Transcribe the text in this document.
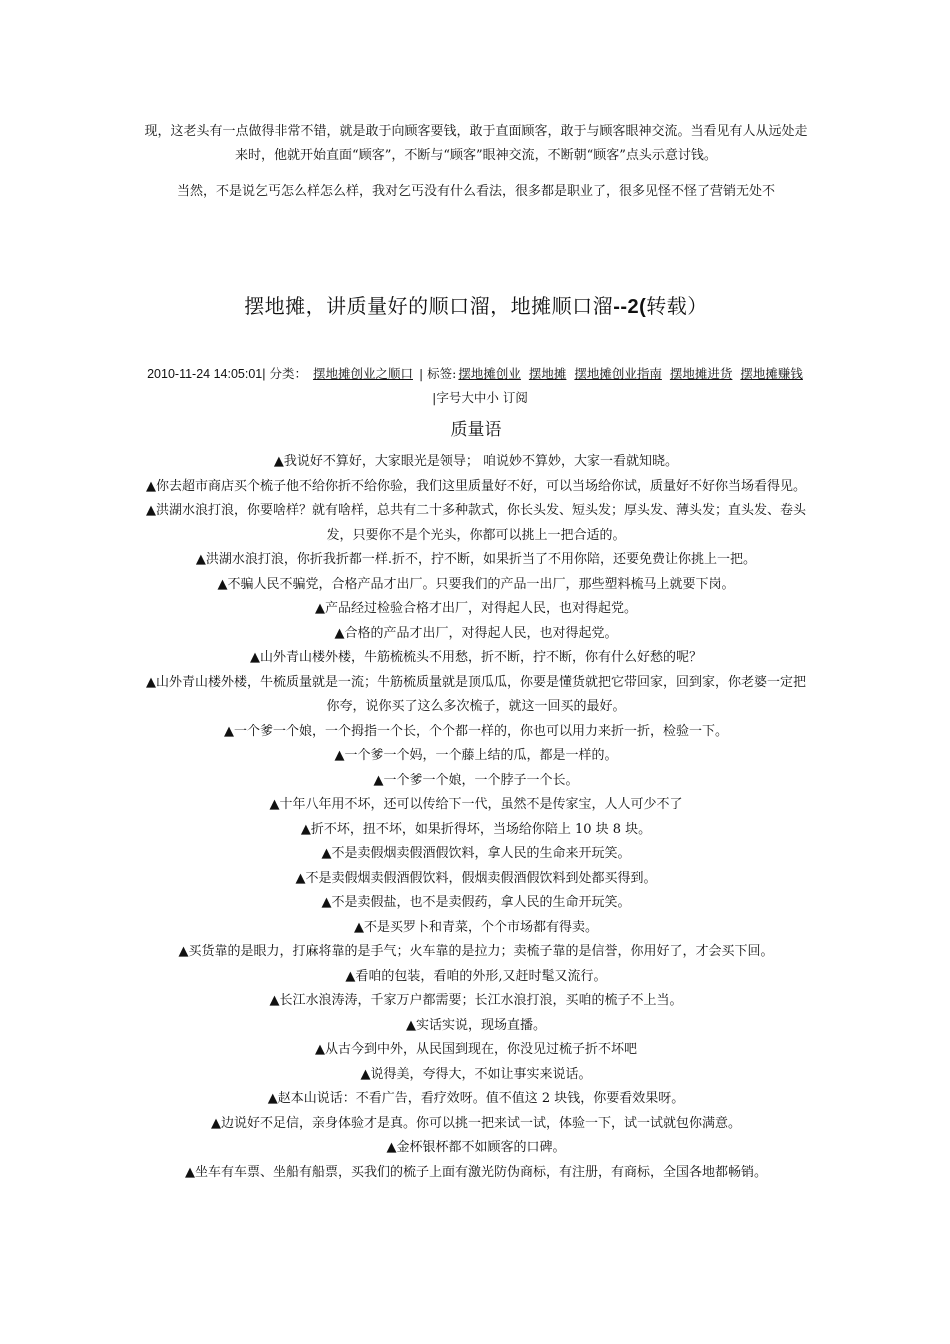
现，这老头有一点做得非常不错，就是敢于向顾客要钱，敢于直面顾客，敢于与顾客眼神交流。当看见有人从远处走来时，他就开始直面“顾客”，不断与“顾客”眼神交流，不断朝“顾客”点头示意讨钱。

当然，不是说乞丐怎么样怎么样，我对乞丐没有什么看法，很多都是职业了，很多见怪不怪了营销无处不

摆地摊，讲质量好的顺口溜，地摊顺口溜--2(转载）
2010-11-24 14:05:01| 分类： 摆地摊创业之顺口 | 标签: 摆地摊创业 摆地摊 摆地摊创业指南 摆地摊进货 摆地摊赚钱   |字号大中小 订阅
质量语

▲我说好不算好，大家眼光是领导； 咱说妙不算妙，大家一看就知晓。

▲你去超市商店买个梳子他不给你折不给你验，我们这里质量好不好，可以当场给你试，质量好不好你当场看得见。

▲洪湖水浪打浪，你要啥样？就有啥样，总共有二十多种款式，你长头发、短头发；厚头发、薄头发；直头发、卷头发，只要你不是个光头，你都可以挑上一把合适的。

▲洪湖水浪打浪，你折我折都一样.折不，拧不断，如果折当了不用你陪，还要免费让你挑上一把。

▲不骗人民不骗党，合格产品才出厂。只要我们的产品一出厂，那些塑料梳马上就要下岗。

▲产品经过检验合格才出厂，对得起人民，也对得起党。

▲合格的产品才出厂，对得起人民，也对得起党。

▲山外青山楼外楼，牛筋梳梳头不用愁，折不断，拧不断，你有什么好愁的呢？

▲山外青山楼外楼，牛梳质量就是一流；牛筋梳质量就是顶瓜瓜，你要是懂货就把它带回家，回到家，你老婆一定把你夸，说你买了这么多次梳子，就这一回买的最好。

▲一个爹一个娘，一个拇指一个长，个个都一样的，你也可以用力来折一折，检验一下。

▲一个爹一个妈，一个藤上结的瓜，都是一样的。

▲一个爹一个娘，一个脖子一个长。

▲十年八年用不坏，还可以传给下一代，虽然不是传家宝，人人可少不了

▲折不坏，扭不坏，如果折得坏，当场给你陪上 10 块 8 块。

▲不是卖假烟卖假酒假饮料，拿人民的生命来开玩笑。

▲不是卖假烟卖假酒假饮料，假烟卖假酒假饮料到处都买得到。

▲不是卖假盐，也不是卖假药，拿人民的生命开玩笑。

▲不是买罗卜和青菜，个个市场都有得卖。

▲买货靠的是眼力，打麻将靠的是手气；火车靠的是拉力；卖梳子靠的是信誉，你用好了，才会买下回。

▲看咱的包装，看咱的外形,又赶时髦又流行。

▲长江水浪涛涛，千家万户都需要；长江水浪打浪，买咱的梳子不上当。

▲实话实说，现场直播。

▲从古今到中外，从民国到现在，你没见过梳子折不坏吧

▲说得美，夸得大，不如让事实来说话。

▲赵本山说话：不看广告，看疗效呀。值不值这 2 块钱，你要看效果呀。

▲边说好不足信，亲身体验才是真。你可以挑一把来试一试，体验一下，试一试就包你满意。

▲金杯银杯都不如顾客的口碑。

▲坐车有车票、坐船有船票，买我们的梳子上面有激光防伪商标，有注册，有商标，全国各地都畅销。
